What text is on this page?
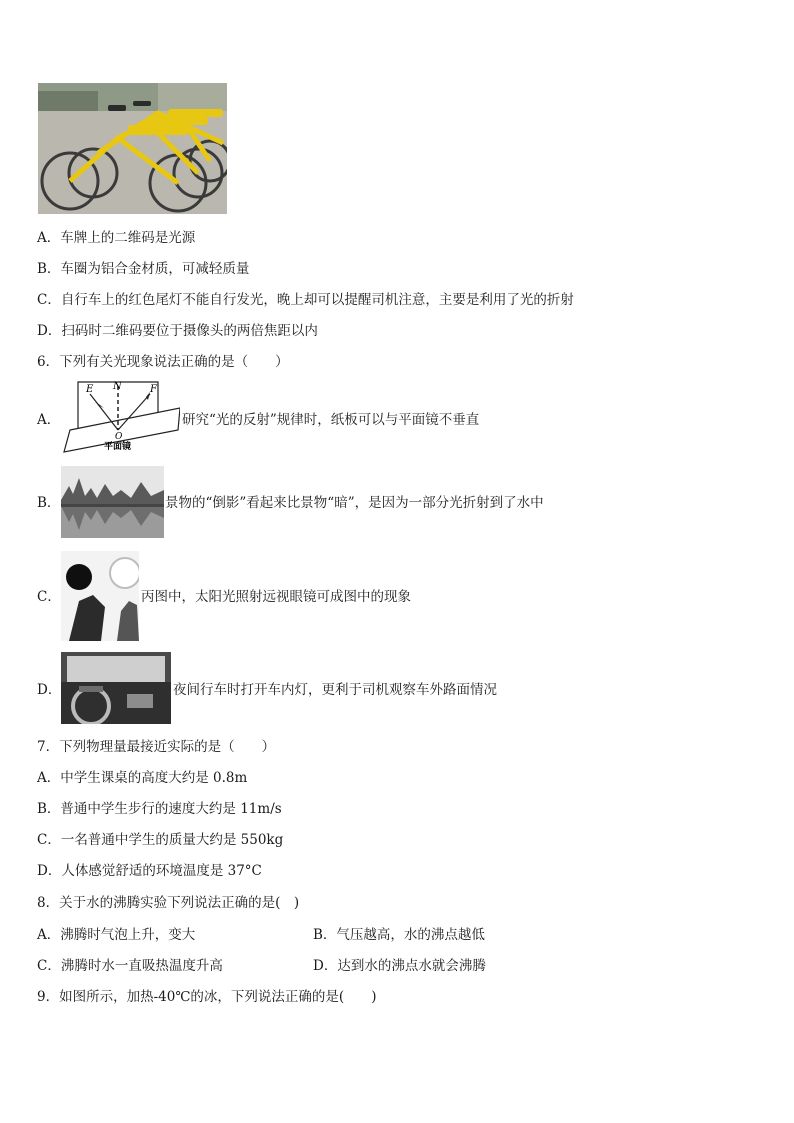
A．车牌上的二维码是光源
B．车圈为铝合金材质，可减轻质量
C．自行车上的红色尾灯不能自行发光，晚上却可以提醒司机注意，主要是利用了光的折射
D．扫码时二维码要位于摄像头的两倍焦距以内
6．下列有关光现象说法正确的是（　　）
A．
E N	F
O
平面镜
研究“光的反射”规律时，纸板可以与平面镜不垂直
B．	景物的“倒影”看起来比景物“暗”，是因为一部分光折射到了水中
C．	丙图中，太阳光照射远视眼镜可成图中的现象
D．	夜间行车时打开车内灯，更利于司机观察车外路面情况
7．下列物理量最接近实际的是（　　）
A．中学生课桌的高度大约是 0.8m
B．普通中学生步行的速度大约是 11m/s
C．一名普通中学生的质量大约是 550kg
D．人体感觉舒适的环境温度是 37°C
8．关于水的沸腾实验下列说法正确的是(　)
A．沸腾时气泡上升，变大	B．气压越高，水的沸点越低
C．沸腾时水一直吸热温度升高	D．达到水的沸点水就会沸腾
9．如图所示，加热-40℃的冰，下列说法正确的是(　　)
